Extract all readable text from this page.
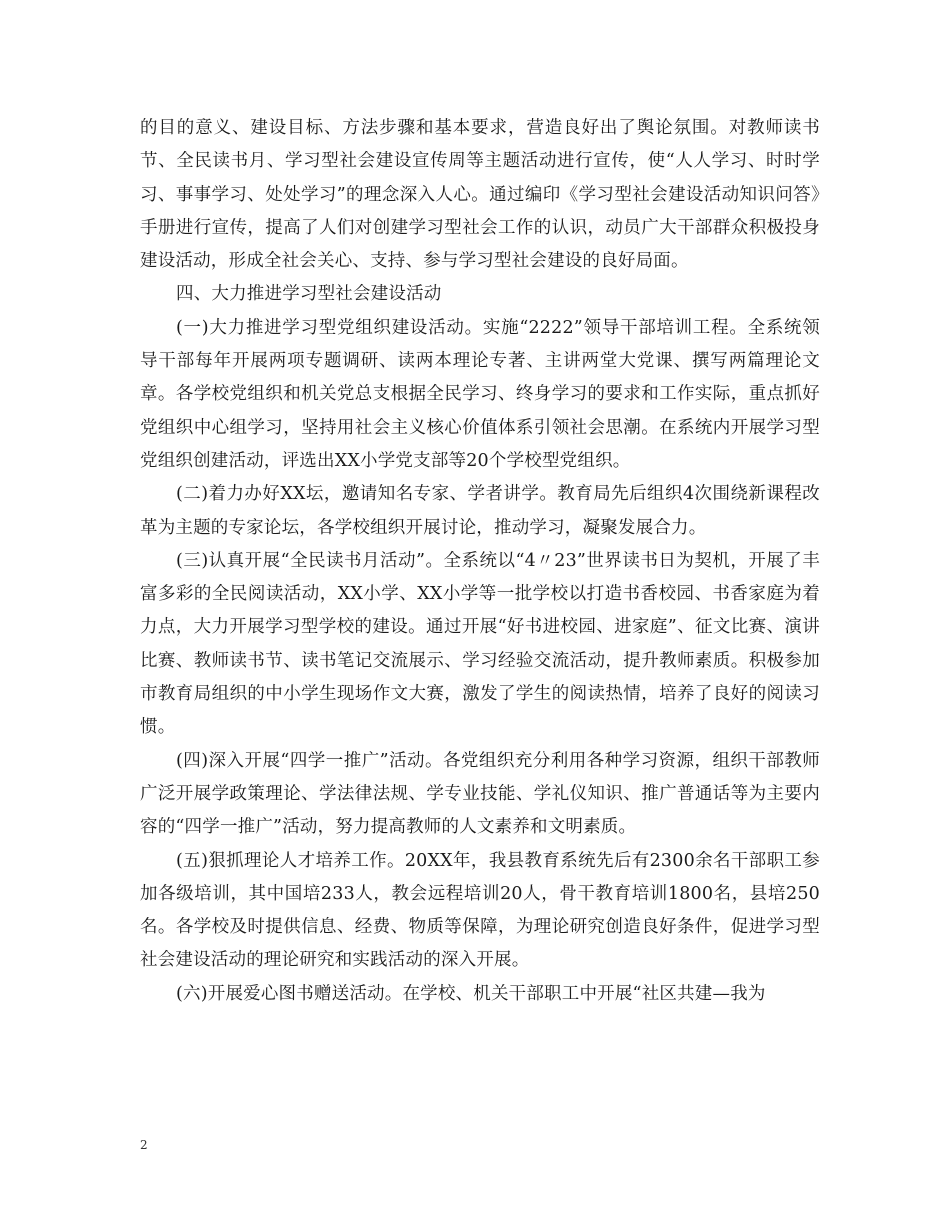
的目的意义、建设目标、方法步骤和基本要求，营造良好出了舆论氛围。对教师读书节、全民读书月、学习型社会建设宣传周等主题活动进行宣传，使“人人学习、时时学习、事事学习、处处学习”的理念深入人心。通过编印《学习型社会建设活动知识问答》手册进行宣传，提高了人们对创建学习型社会工作的认识，动员广大干部群众积极投身建设活动，形成全社会关心、支持、参与学习型社会建设的良好局面。

四、大力推进学习型社会建设活动

(一)大力推进学习型党组织建设活动。实施“2222”领导干部培训工程。全系统领导干部每年开展两项专题调研、读两本理论专著、主讲两堂大党课、撰写两篇理论文章。各学校党组织和机关党总支根据全民学习、终身学习的要求和工作实际，重点抓好党组织中心组学习，坚持用社会主义核心价值体系引领社会思潮。在系统内开展学习型党组织创建活动，评选出XX小学党支部等20个学校型党组织。

(二)着力办好XX坛，邀请知名专家、学者讲学。教育局先后组织4次围绕新课程改革为主题的专家论坛，各学校组织开展讨论，推动学习，凝聚发展合力。

(三)认真开展“全民读书月活动”。全系统以“4〃23”世界读书日为契机，开展了丰富多彩的全民阅读活动，XX小学、XX小学等一批学校以打造书香校园、书香家庭为着力点，大力开展学习型学校的建设。通过开展“好书进校园、进家庭”、征文比赛、演讲比赛、教师读书节、读书笔记交流展示、学习经验交流活动，提升教师素质。积极参加市教育局组织的中小学生现场作文大赛，激发了学生的阅读热情，培养了良好的阅读习惯。

(四)深入开展“四学一推广”活动。各党组织充分利用各种学习资源，组织干部教师广泛开展学政策理论、学法律法规、学专业技能、学礼仪知识、推广普通话等为主要内容的“四学一推广”活动，努力提高教师的人文素养和文明素质。

(五)狠抓理论人才培养工作。20XX年，我县教育系统先后有2300余名干部职工参加各级培训，其中国培233人，教会远程培训20人，骨干教育培训1800名，县培250名。各学校及时提供信息、经费、物质等保障，为理论研究创造良好条件，促进学习型社会建设活动的理论研究和实践活动的深入开展。

(六)开展爱心图书赠送活动。在学校、机关干部职工中开展“社区共建—我为

2
